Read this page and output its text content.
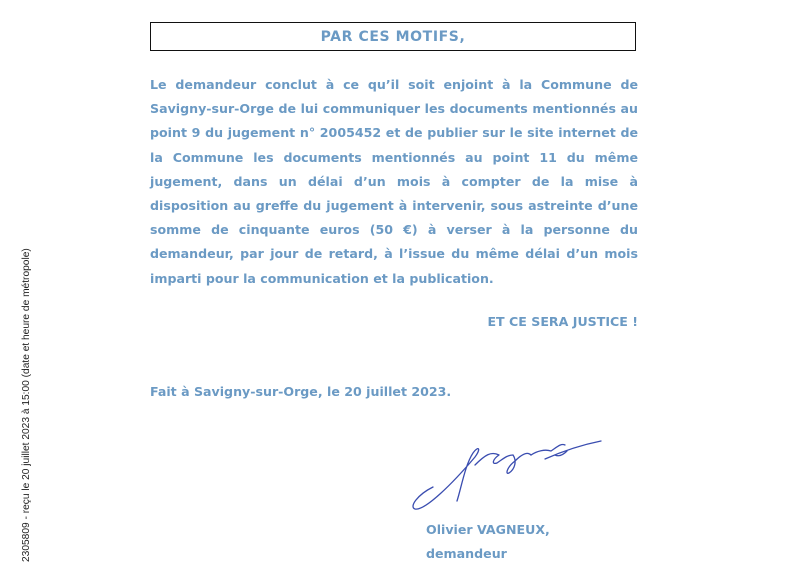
PAR CES MOTIFS,

Le demandeur conclut à ce qu’il soit enjoint à la Commune de Savigny-sur-Orge de lui communiquer les documents mentionnés au point 9 du jugement n° 2005452 et de publier sur le site internet de la Commune les documents mentionnés au point 11 du même jugement, dans un délai d’un mois à compter de la mise à disposition au greffe du jugement à intervenir, sous astreinte d’une somme de cinquante euros (50 €) à verser à la personne du demandeur, par jour de retard, à l’issue du même délai d’un mois imparti pour la communication et la publication.

ET CE SERA JUSTICE !
Fait à Savigny-sur-Orge, le 20 juillet 2023.
Olivier VAGNEUX,
demandeur
2305809 - reçu le 20 juillet 2023 à 15:00 (date et heure de métropole)
